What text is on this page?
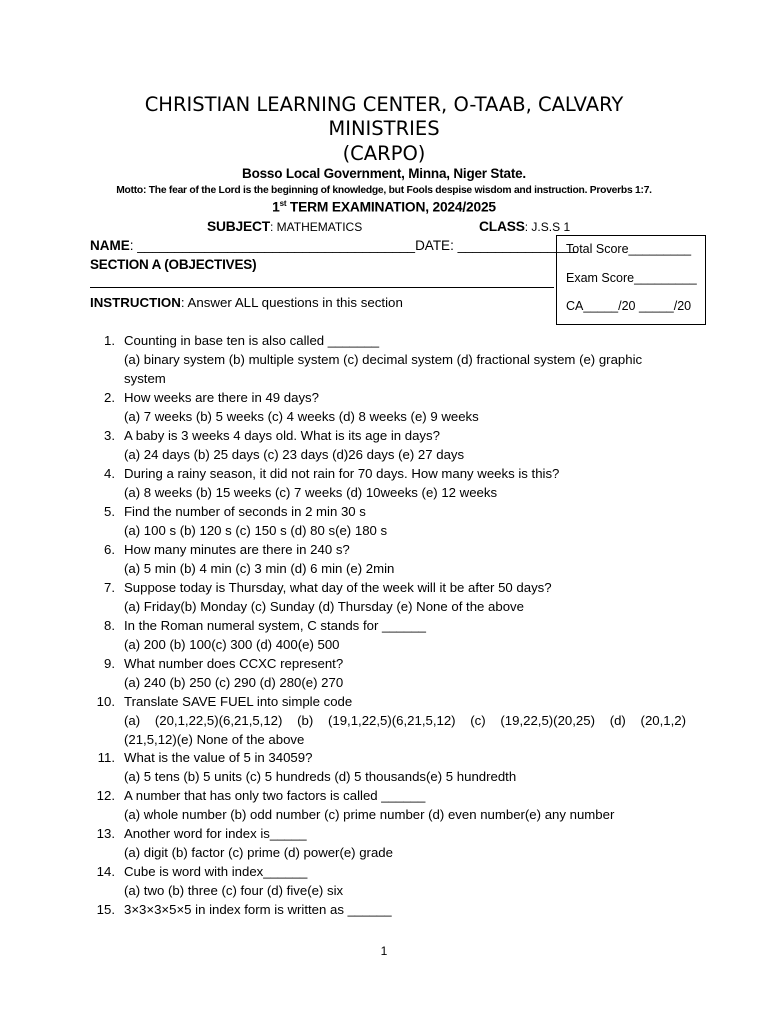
CHRISTIAN LEARNING CENTER, O-TAAB, CALVARY
MINISTRIES
(CARPO)
Bosso Local Government, Minna, Niger State.
Motto: The fear of the Lord is the beginning of knowledge, but Fools despise wisdom and instruction. Proverbs 1:7.
1st TERM EXAMINATION, 2024/2025
SUBJECT: MATHEMATICS	CLASS: J.S.S 1
NAME: _____________________________________DATE: ________________
SECTION A (OBJECTIVES)
INSTRUCTION: Answer ALL questions in this section
Total Score_________
Exam Score_________
CA_____/20 _____/20
1. Counting in base ten is also called _______
(a) binary system (b) multiple system (c) decimal system (d) fractional system (e) graphic
system
2. How weeks are there in 49 days?
(a) 7 weeks (b) 5 weeks (c) 4 weeks (d) 8 weeks (e) 9 weeks
3. A baby is 3 weeks 4 days old. What is its age in days?
(a) 24 days (b) 25 days (c) 23 days (d)26 days (e) 27 days
4. During a rainy season, it did not rain for 70 days. How many weeks is this?
(a) 8 weeks (b) 15 weeks (c) 7 weeks (d) 10weeks (e) 12 weeks
5. Find the number of seconds in 2 min 30 s
(a) 100 s (b) 120 s (c) 150 s (d) 80 s(e) 180 s
6. How many minutes are there in 240 s?
(a) 5 min (b) 4 min (c) 3 min (d) 6 min (e) 2min
7. Suppose today is Thursday, what day of the week will it be after 50 days?
(a) Friday(b) Monday (c) Sunday (d) Thursday (e) None of the above
8. In the Roman numeral system, C stands for ______
(a) 200 (b) 100(c) 300 (d) 400(e) 500
9. What number does CCXC represent?
(a) 240 (b) 250 (c) 290 (d) 280(e) 270
10. Translate SAVE FUEL into simple code
(a)   (20,1,22,5)(6,21,5,12)   (b)   (19,1,22,5)(6,21,5,12)   (c)   (19,22,5)(20,25)   (d)   (20,1,2)
(21,5,12)(e) None of the above
11. What is the value of 5 in 34059?
(a) 5 tens (b) 5 units (c) 5 hundreds (d) 5 thousands(e) 5 hundredth
12. A number that has only two factors is called ______
(a) whole number (b) odd number (c) prime number (d) even number(e) any number
13. Another word for index is_____
(a) digit (b) factor (c) prime (d) power(e) grade
14. Cube is word with index______
(a) two (b) three (c) four (d) five(e) six
15. 3×3×3×5×5 in index form is written as ______
1
